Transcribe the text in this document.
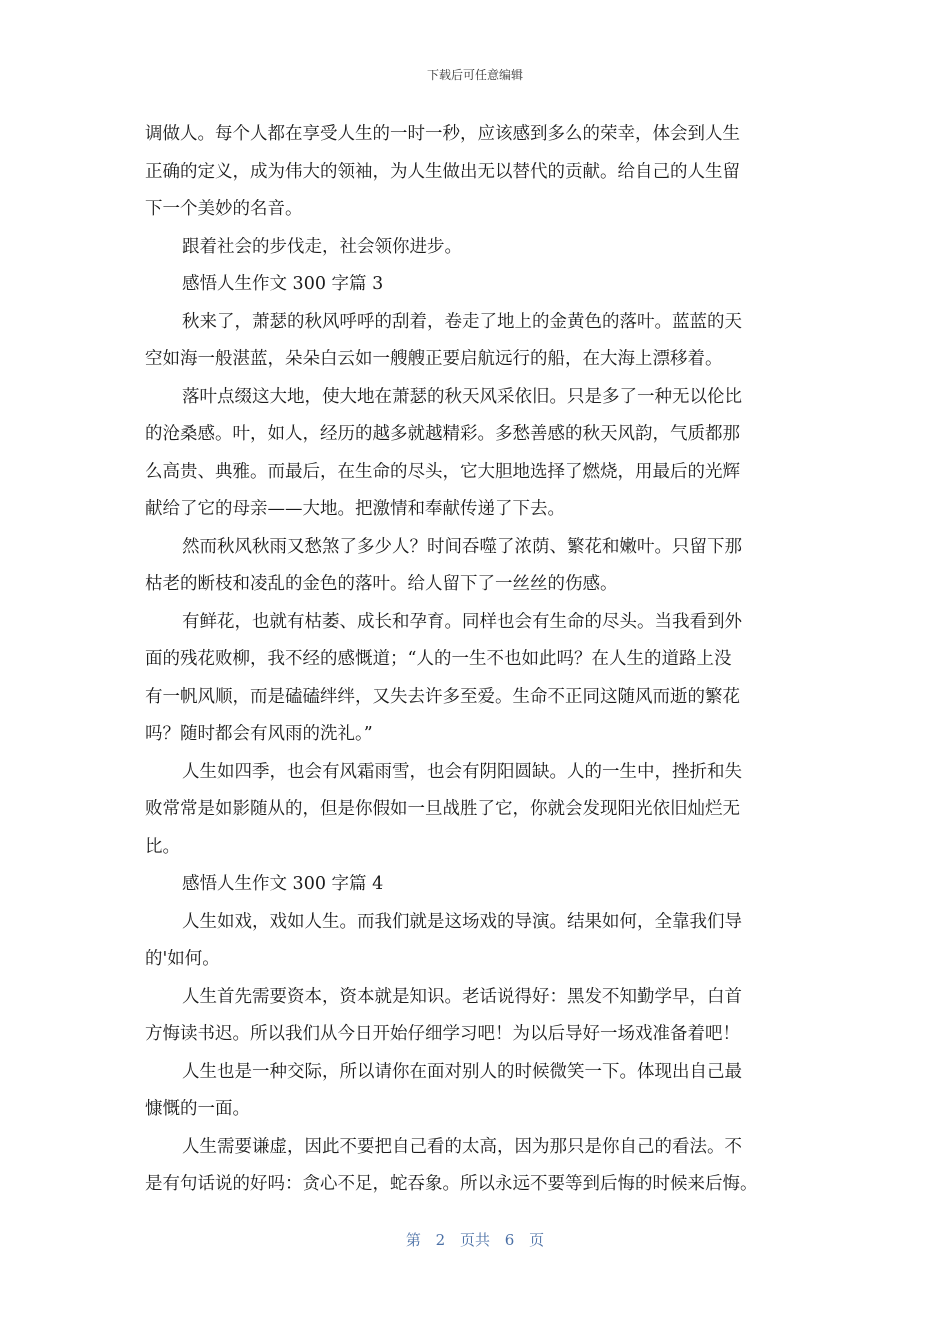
下载后可任意编辑
调做人。每个人都在享受人生的一时一秒，应该感到多么的荣幸，体会到人生
正确的定义，成为伟大的领袖，为人生做出无以替代的贡献。给自己的人生留
下一个美妙的名音。
跟着社会的步伐走，社会领你进步。
感悟人生作文 300 字篇 3
秋来了，萧瑟的秋风呼呼的刮着，卷走了地上的金黄色的落叶。蓝蓝的天
空如海一般湛蓝，朵朵白云如一艘艘正要启航远行的船，在大海上漂移着。
落叶点缀这大地，使大地在萧瑟的秋天风采依旧。只是多了一种无以伦比
的沧桑感。叶，如人，经历的越多就越精彩。多愁善感的秋天风韵，气质都那
么高贵、典雅。而最后，在生命的尽头，它大胆地选择了燃烧，用最后的光辉
献给了它的母亲——大地。把激情和奉献传递了下去。
然而秋风秋雨又愁煞了多少人？时间吞噬了浓荫、繁花和嫩叶。只留下那
枯老的断枝和凌乱的金色的落叶。给人留下了一丝丝的伤感。
有鲜花，也就有枯萎、成长和孕育。同样也会有生命的尽头。当我看到外
面的残花败柳，我不经的感慨道；“人的一生不也如此吗？在人生的道路上没
有一帆风顺，而是磕磕绊绊，又失去许多至爱。生命不正同这随风而逝的繁花
吗？随时都会有风雨的洗礼。”
人生如四季，也会有风霜雨雪，也会有阴阳圆缺。人的一生中，挫折和失
败常常是如影随从的，但是你假如一旦战胜了它，你就会发现阳光依旧灿烂无
比。
感悟人生作文 300 字篇 4
人生如戏，戏如人生。而我们就是这场戏的导演。结果如何，全靠我们导
的'如何。
人生首先需要资本，资本就是知识。老话说得好：黑发不知勤学早，白首
方悔读书迟。所以我们从今日开始仔细学习吧！为以后导好一场戏准备着吧！
人生也是一种交际，所以请你在面对别人的时候微笑一下。体现出自己最
慷慨的一面。
人生需要谦虚，因此不要把自己看的太高，因为那只是你自己的看法。不
是有句话说的好吗：贪心不足，蛇吞象。所以永远不要等到后悔的时候来后悔。
第 2 页共 6 页
